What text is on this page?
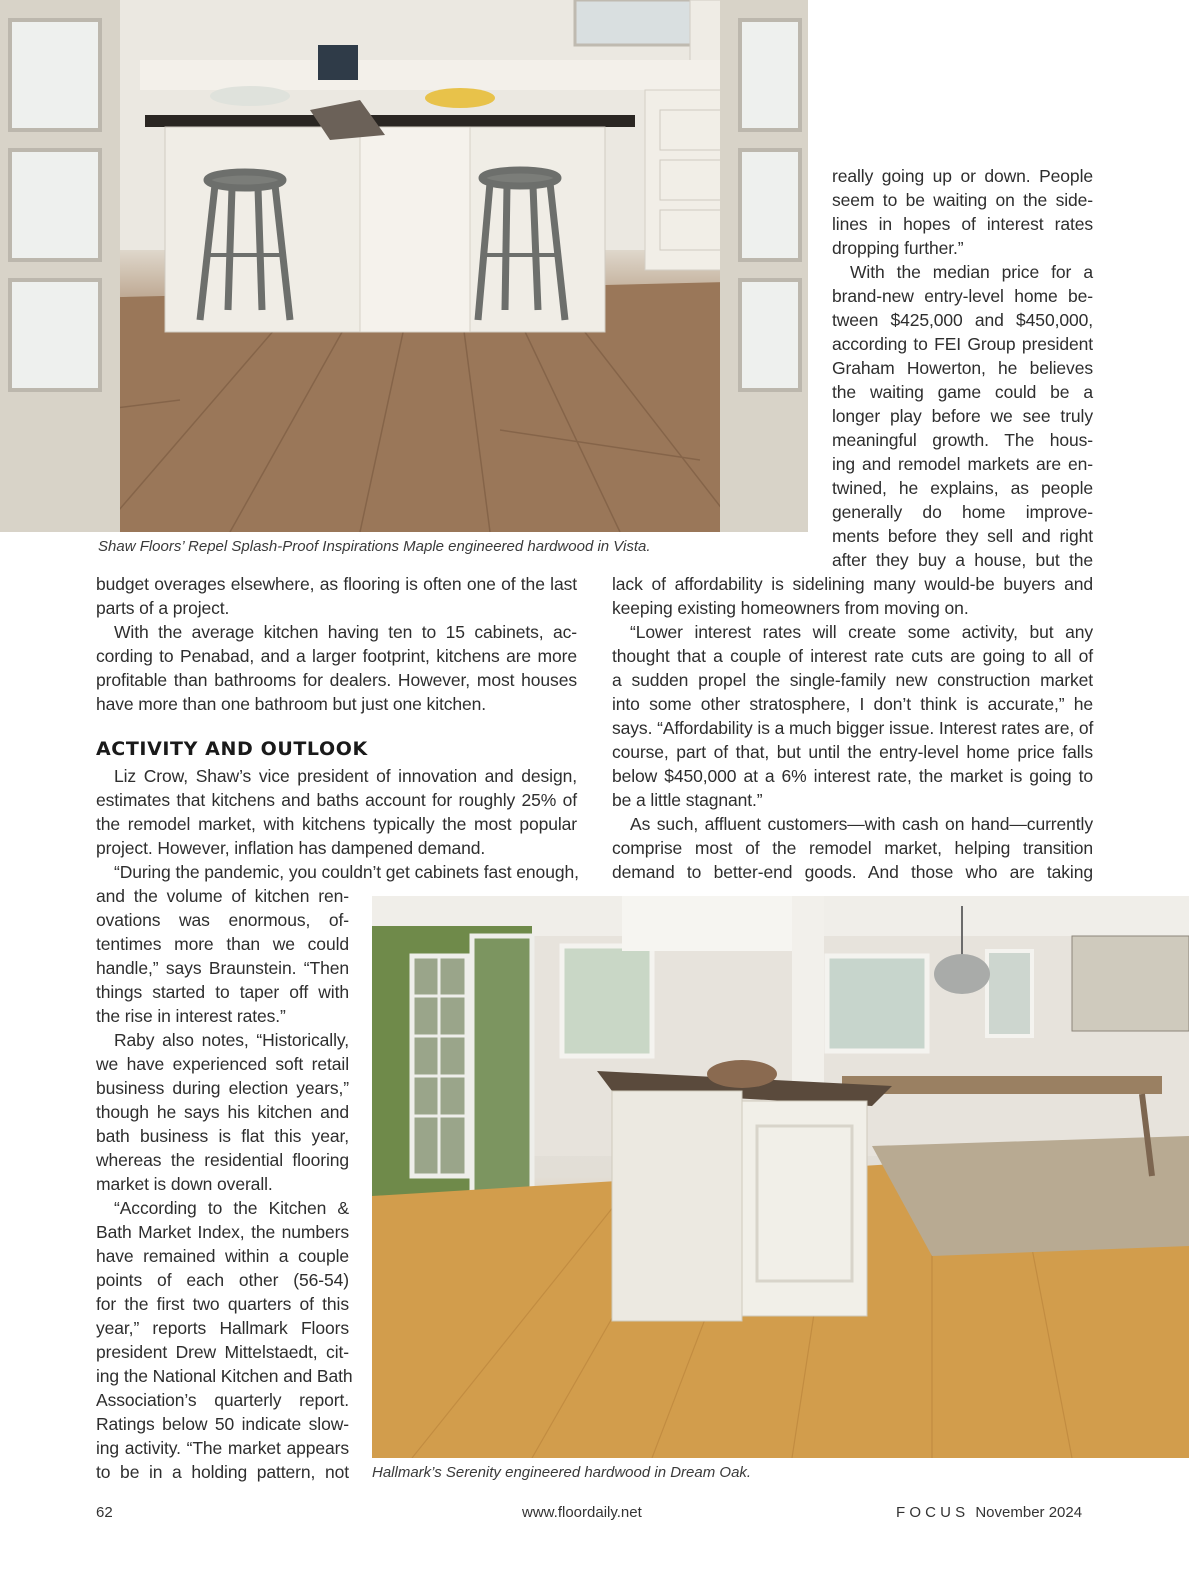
Shaw Floors’ Repel Splash-Proof Inspirations Maple engineered hardwood in Vista.
really going up or down. People
seem to be waiting on the side-
lines in hopes of interest rates
dropping further.”
With the median price for a
brand-new entry-level home be-
tween $425,000 and $450,000,
according to FEI Group president
Graham Howerton, he believes
the waiting game could be a
longer play before we see truly
meaningful growth. The hous-
ing and remodel markets are en-
twined, he explains, as people
generally do home improve-
ments before they sell and right
after they buy a house, but the
lack of affordability is sidelining many would-be buyers and
keeping existing homeowners from moving on.
“Lower interest rates will create some activity, but any
thought that a couple of interest rate cuts are going to all of
a sudden propel the single-family new construction market
into some other stratosphere, I don’t think is accurate,” he
says. “Affordability is a much bigger issue. Interest rates are, of
course, part of that, but until the entry-level home price falls
below $450,000 at a 6% interest rate, the market is going to
be a little stagnant.”
As such, affluent customers—with cash on hand—currently
comprise most of the remodel market, helping transition
demand to better-end goods. And those who are taking
budget overages elsewhere, as flooring is often one of the last
parts of a project.
With the average kitchen having ten to 15 cabinets, ac-
cording to Penabad, and a larger footprint, kitchens are more
profitable than bathrooms for dealers. However, most houses
have more than one bathroom but just one kitchen.
ACTIVITY AND OUTLOOK
Liz Crow, Shaw’s vice president of innovation and design,
estimates that kitchens and baths account for roughly 25% of
the remodel market, with kitchens typically the most popular
project. However, inflation has dampened demand.
“During the pandemic, you couldn’t get cabinets fast enough,
and the volume of kitchen ren-
ovations was enormous, of-
tentimes more than we could
handle,” says Braunstein. “Then
things started to taper off with
the rise in interest rates.”
Raby also notes, “Historically,
we have experienced soft retail
business during election years,”
though he says his kitchen and
bath business is flat this year,
whereas the residential flooring
market is down overall.
“According to the Kitchen &
Bath Market Index, the numbers
have remained within a couple
points of each other (56-54)
for the first two quarters of this
year,” reports Hallmark Floors
president Drew Mittelstaedt, cit-
ing the National Kitchen and Bath
Association’s quarterly report.
Ratings below 50 indicate slow-
ing activity. “The market appears
to be in a holding pattern, not Hallmark’s Serenity engineered hardwood in Dream Oak.
62	www.floordaily.net	F O C U S November 2024
